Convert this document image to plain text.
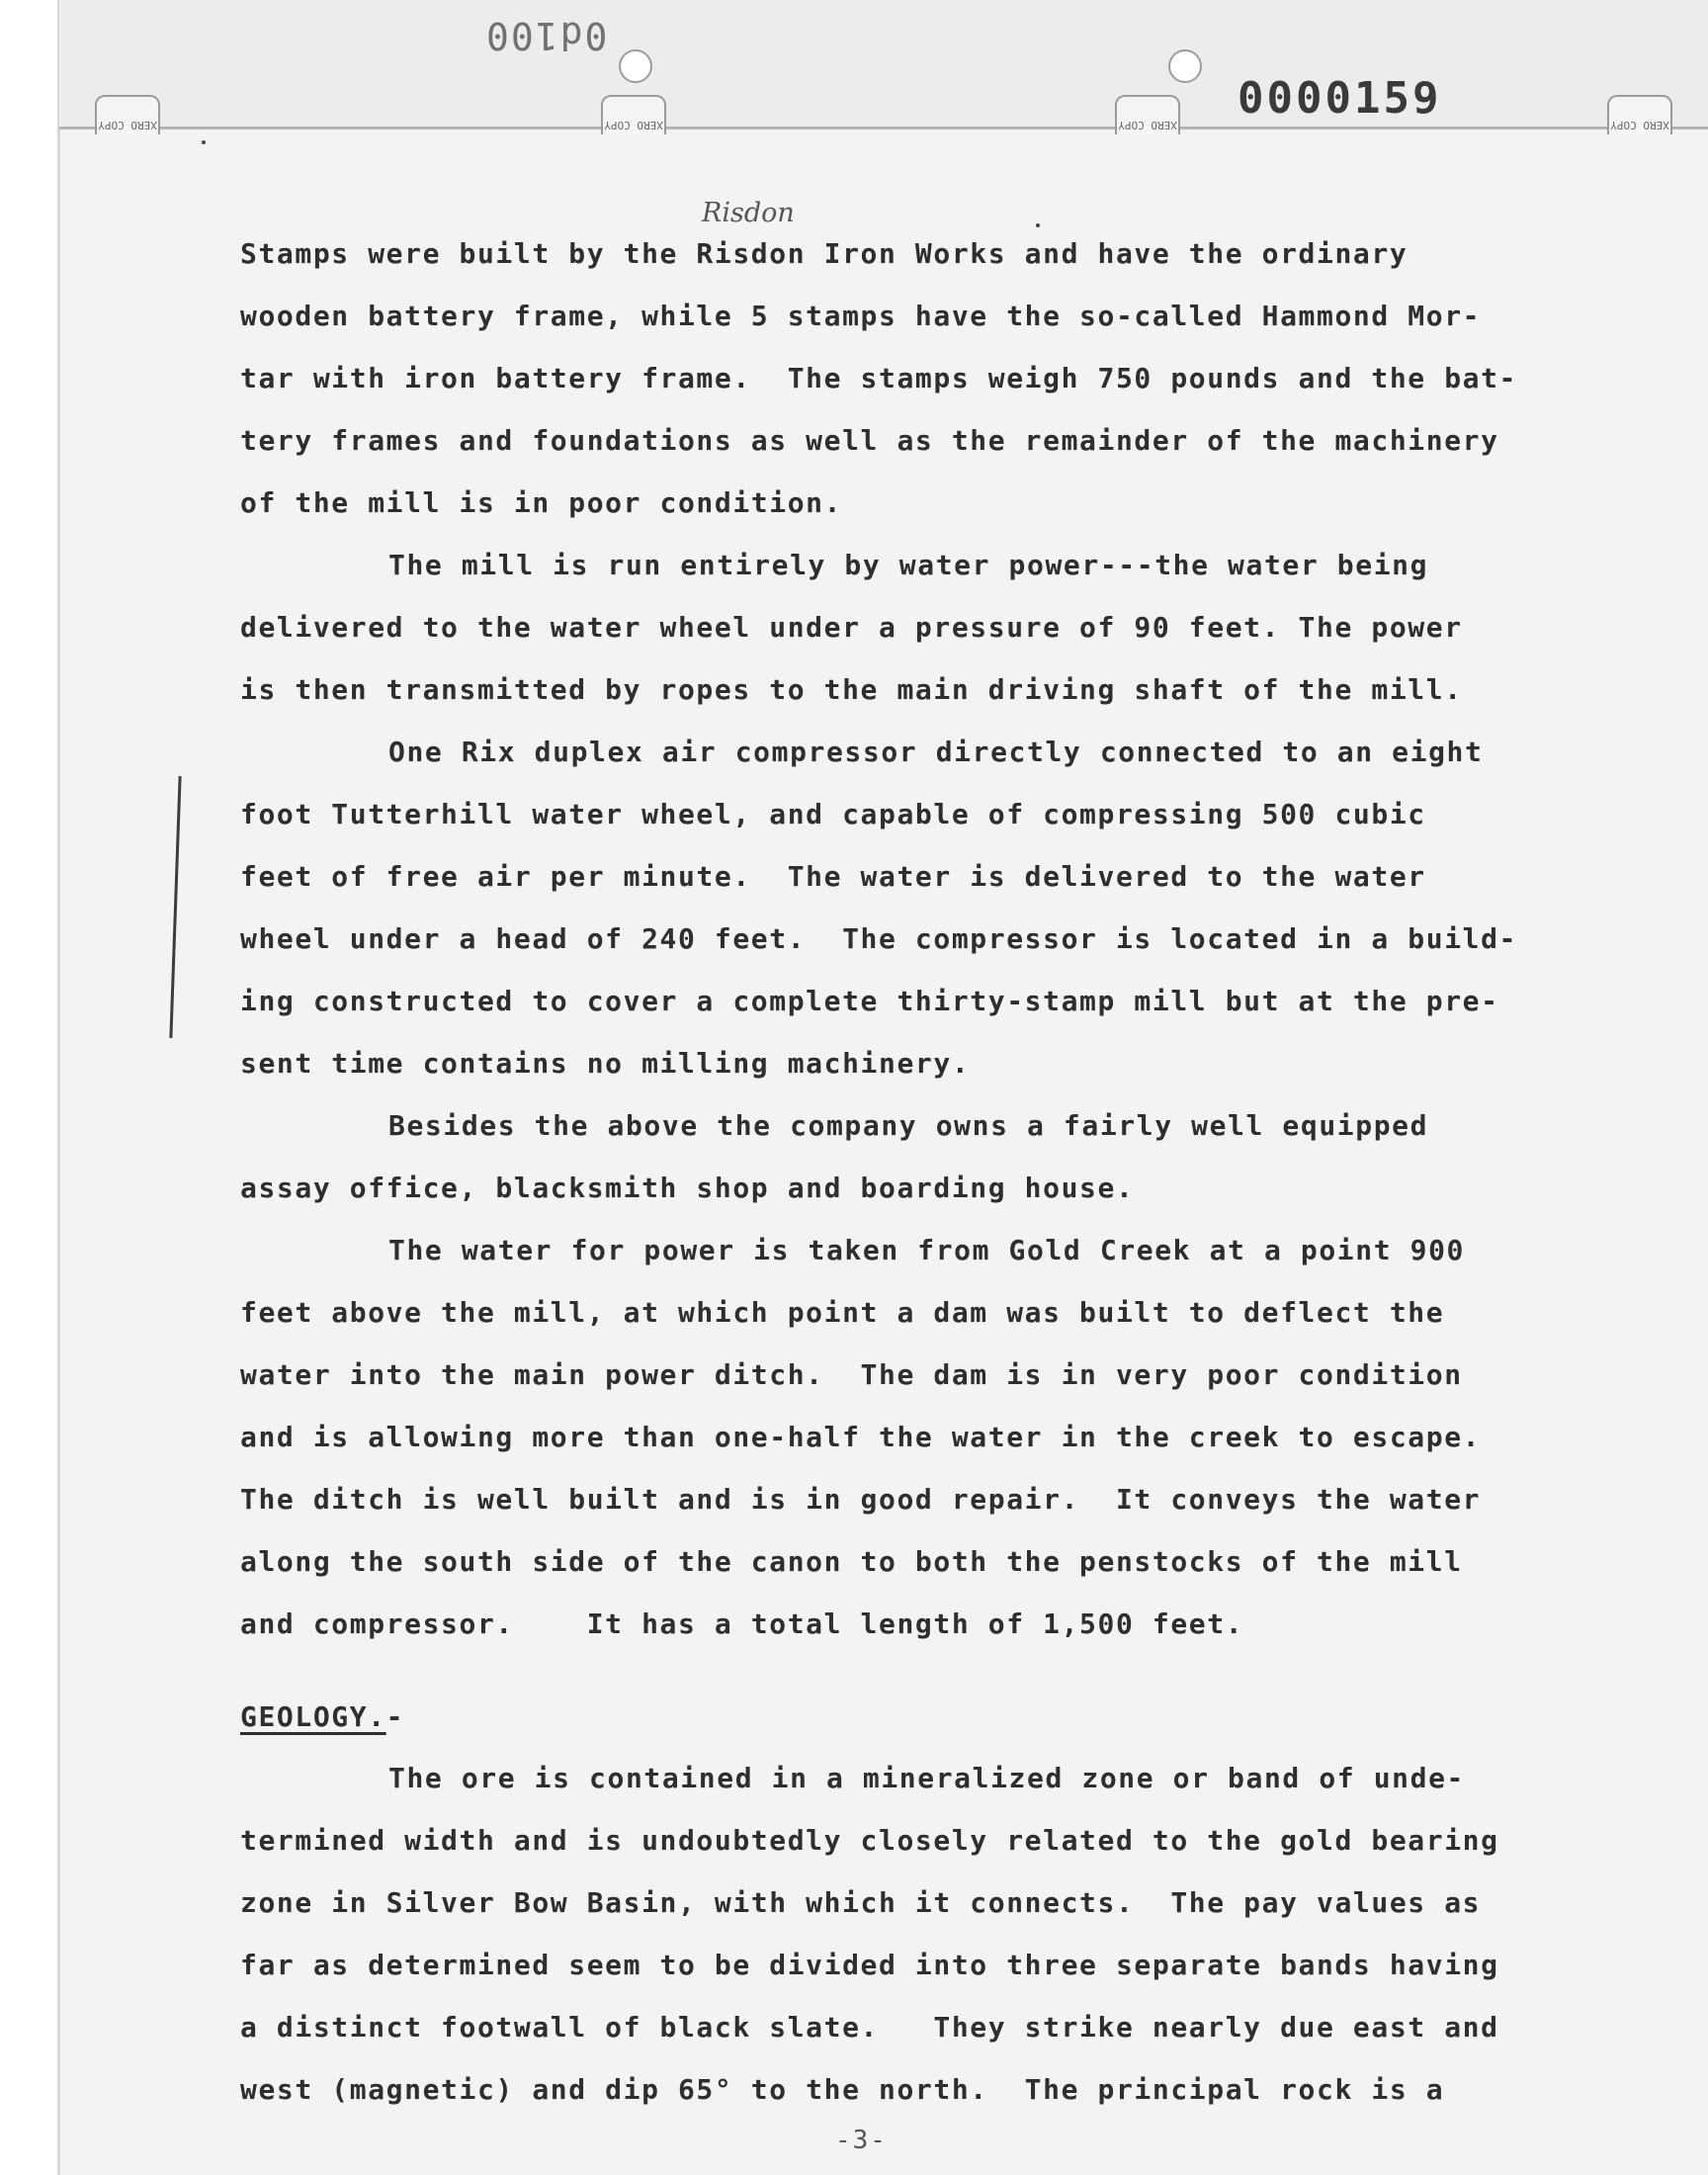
XERO COPY	XERO COPY	XERO COPY	XERO COPY
0d100
0000159
Risdon
Stamps were built by the Risdon Iron Works and have the ordinary
wooden battery frame, while 5 stamps have the so-called Hammond Mor-
tar with iron battery frame.  The stamps weigh 750 pounds and the bat-
tery frames and foundations as well as the remainder of the machinery
of the mill is in poor condition.
The mill is run entirely by water power---the water being
delivered to the water wheel under a pressure of 90 feet. The power
is then transmitted by ropes to the main driving shaft of the mill.
One Rix duplex air compressor directly connected to an eight
foot Tutterhill water wheel, and capable of compressing 500 cubic
feet of free air per minute.  The water is delivered to the water
wheel under a head of 240 feet.  The compressor is located in a build-
ing constructed to cover a complete thirty-stamp mill but at the pre-
sent time contains no milling machinery.
Besides the above the company owns a fairly well equipped
assay office, blacksmith shop and boarding house.
The water for power is taken from Gold Creek at a point 900
feet above the mill, at which point a dam was built to deflect the
water into the main power ditch.  The dam is in very poor condition
and is allowing more than one-half the water in the creek to escape.
The ditch is well built and is in good repair.  It conveys the water
along the south side of the canon to both the penstocks of the mill
and compressor.    It has a total length of 1,500 feet.
GEOLOGY.-
The ore is contained in a mineralized zone or band of unde-
termined width and is undoubtedly closely related to the gold bearing
zone in Silver Bow Basin, with which it connects.  The pay values as
far as determined seem to be divided into three separate bands having
a distinct footwall of black slate.   They strike nearly due east and
west (magnetic) and dip 65° to the north.  The principal rock is a
-3-
